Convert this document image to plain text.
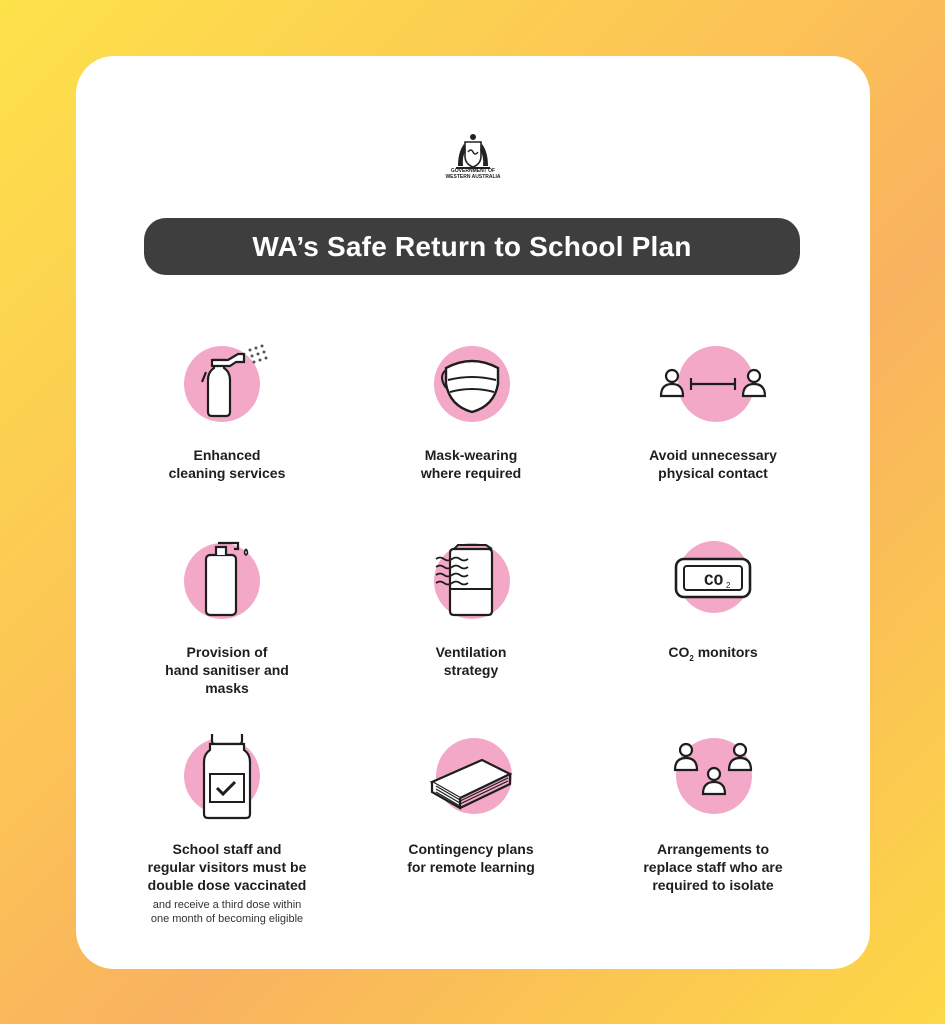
GOVERNMENT OF
WESTERN AUSTRALIA
WA’s Safe Return to School Plan
Enhanced
cleaning services
Mask-wearing
where required
Avoid unnecessary
physical contact
Provision of
hand sanitiser and
masks
Ventilation
strategy
CO 2
$CO_2$ monitors
School staff and
regular visitors must be
double dose vaccinated
and receive a third dose within
one month of becoming eligible
Contingency plans
for remote learning
Arrangements to
replace staff who are
required to isolate
